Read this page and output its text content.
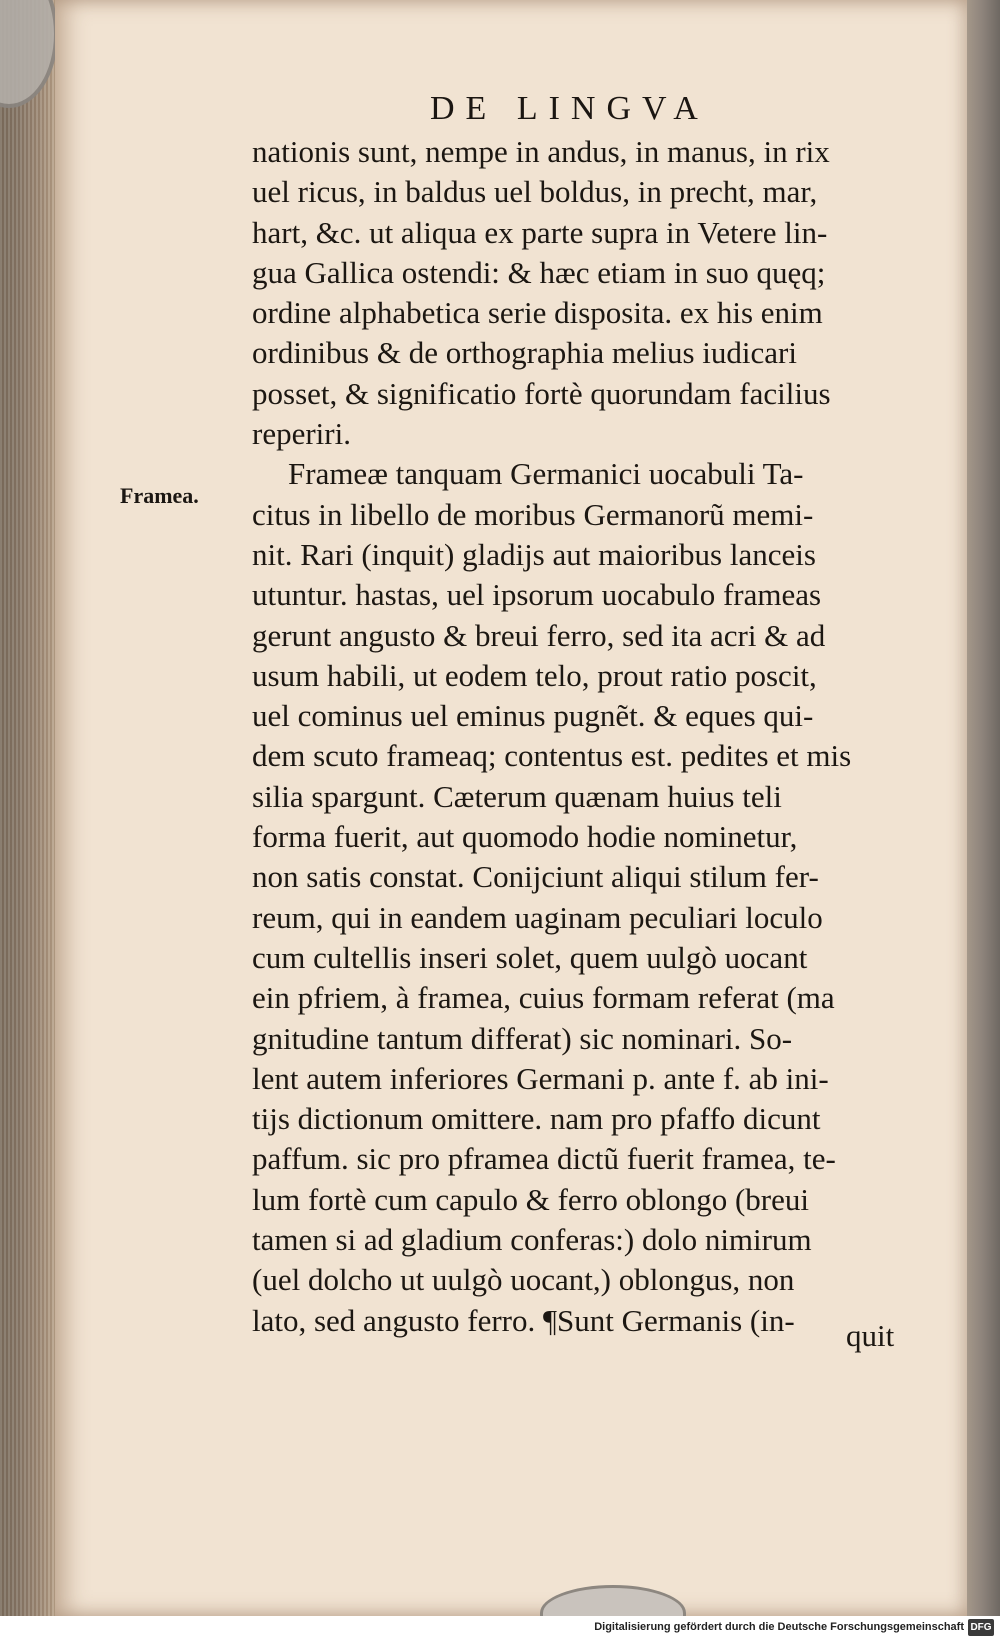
DE LINGVA
Framea.
nationis sunt, nempe in andus, in manus, in rix
uel ricus, in baldus uel boldus, in precht, mar,
hart, &c. ut aliqua ex parte supra in Vetere lin-
gua Gallica ostendi: & hæc etiam in suo quęq;
ordine alphabetica serie disposita. ex his enim
ordinibus & de orthographia melius iudicari
posset, & significatio fortè quorundam facilius
reperiri.
Frameæ tanquam Germanici uocabuli Ta-
citus in libello de moribus Germanorũ memi-
nit. Rari (inquit) gladijs aut maioribus lanceis
utuntur. hastas, uel ipsorum uocabulo frameas
gerunt angusto & breui ferro, sed ita acri & ad
usum habili, ut eodem telo, prout ratio poscit,
uel cominus uel eminus pugnẽt. & eques qui-
dem scuto frameaq; contentus est. pedites et mis
silia spargunt. Cæterum quænam huius teli
forma fuerit, aut quomodo hodie nominetur,
non satis constat. Conijciunt aliqui stilum fer-
reum, qui in eandem uaginam peculiari loculo
cum cultellis inseri solet, quem uulgò uocant
ein pfriem, à framea, cuius formam referat (ma
gnitudine tantum differat) sic nominari. So-
lent autem inferiores Germani p. ante f. ab ini-
tijs dictionum omittere. nam pro pfaffo dicunt
paffum. sic pro pframea dictũ fuerit framea, te-
lum fortè cum capulo & ferro oblongo (breui
tamen si ad gladium conferas:) dolo nimirum
(uel dolcho ut uulgò uocant,) oblongus, non
lato, sed angusto ferro. ¶Sunt Germanis (in-	quit
Digitalisierung gefördert durch die Deutsche Forschungsgemeinschaft DFG
